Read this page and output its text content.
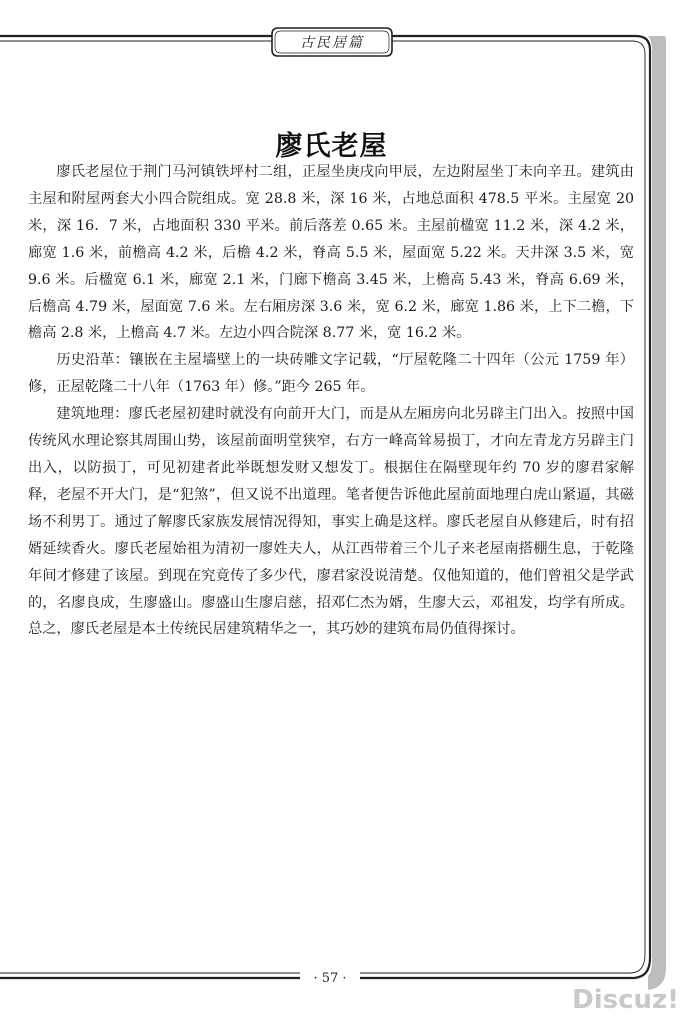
古民居篇
廖氏老屋

廖氏老屋位于荆门马河镇铁坪村二组，正屋坐庚戌向甲辰，左边附屋坐丁未向辛丑。建筑由主屋和附屋两套大小四合院组成。宽 28.8 米，深 16 米，占地总面积 478.5 平米。主屋宽 20 米，深 16．7 米，占地面积 330 平米。前后落差 0.65 米。主屋前楹宽 11.2 米，深 4.2 米，廊宽 1.6 米，前檐高 4.2 米，后檐 4.2 米，脊高 5.5 米，屋面宽 5.22 米。天井深 3.5 米，宽 9.6 米。后楹宽 6.1 米，廊宽 2.1 米，门廊下檐高 3.45 米，上檐高 5.43 米，脊高 6.69 米，后檐高 4.79 米，屋面宽 7.6 米。左右厢房深 3.6 米，宽 6.2 米，廊宽 1.86 米，上下二檐，下檐高 2.8 米，上檐高 4.7 米。左边小四合院深 8.77 米，宽 16.2 米。

历史沿革：镶嵌在主屋墙壁上的一块砖雕文字记载，“厅屋乾隆二十四年（公元 1759 年）修，正屋乾隆二十八年（1763 年）修。”距今 265 年。

建筑地理：廖氏老屋初建时就没有向前开大门，而是从左厢房向北另辟主门出入。按照中国传统风水理论察其周围山势，该屋前面明堂狭窄，右方一峰高耸易损丁，才向左青龙方另辟主门出入，以防损丁，可见初建者此举既想发财又想发丁。根据住在隔壁现年约 70 岁的廖君家解释，老屋不开大门，是“犯煞”，但又说不出道理。笔者便告诉他此屋前面地理白虎山紧逼，其磁场不利男丁。通过了解廖氏家族发展情况得知，事实上确是这样。廖氏老屋自从修建后，时有招婿延续香火。廖氏老屋始祖为清初一廖姓夫人，从江西带着三个儿子来老屋南搭棚生息，于乾隆年间才修建了该屋。到现在究竟传了多少代，廖君家没说清楚。仅他知道的，他们曾祖父是学武的，名廖良成，生廖盛山。廖盛山生廖启慈，招邓仁杰为婿，生廖大云，邓祖发，均学有所成。总之，廖氏老屋是本土传统民居建筑精华之一，其巧妙的建筑布局仍值得探讨。

· 57 ·
Discuz!
